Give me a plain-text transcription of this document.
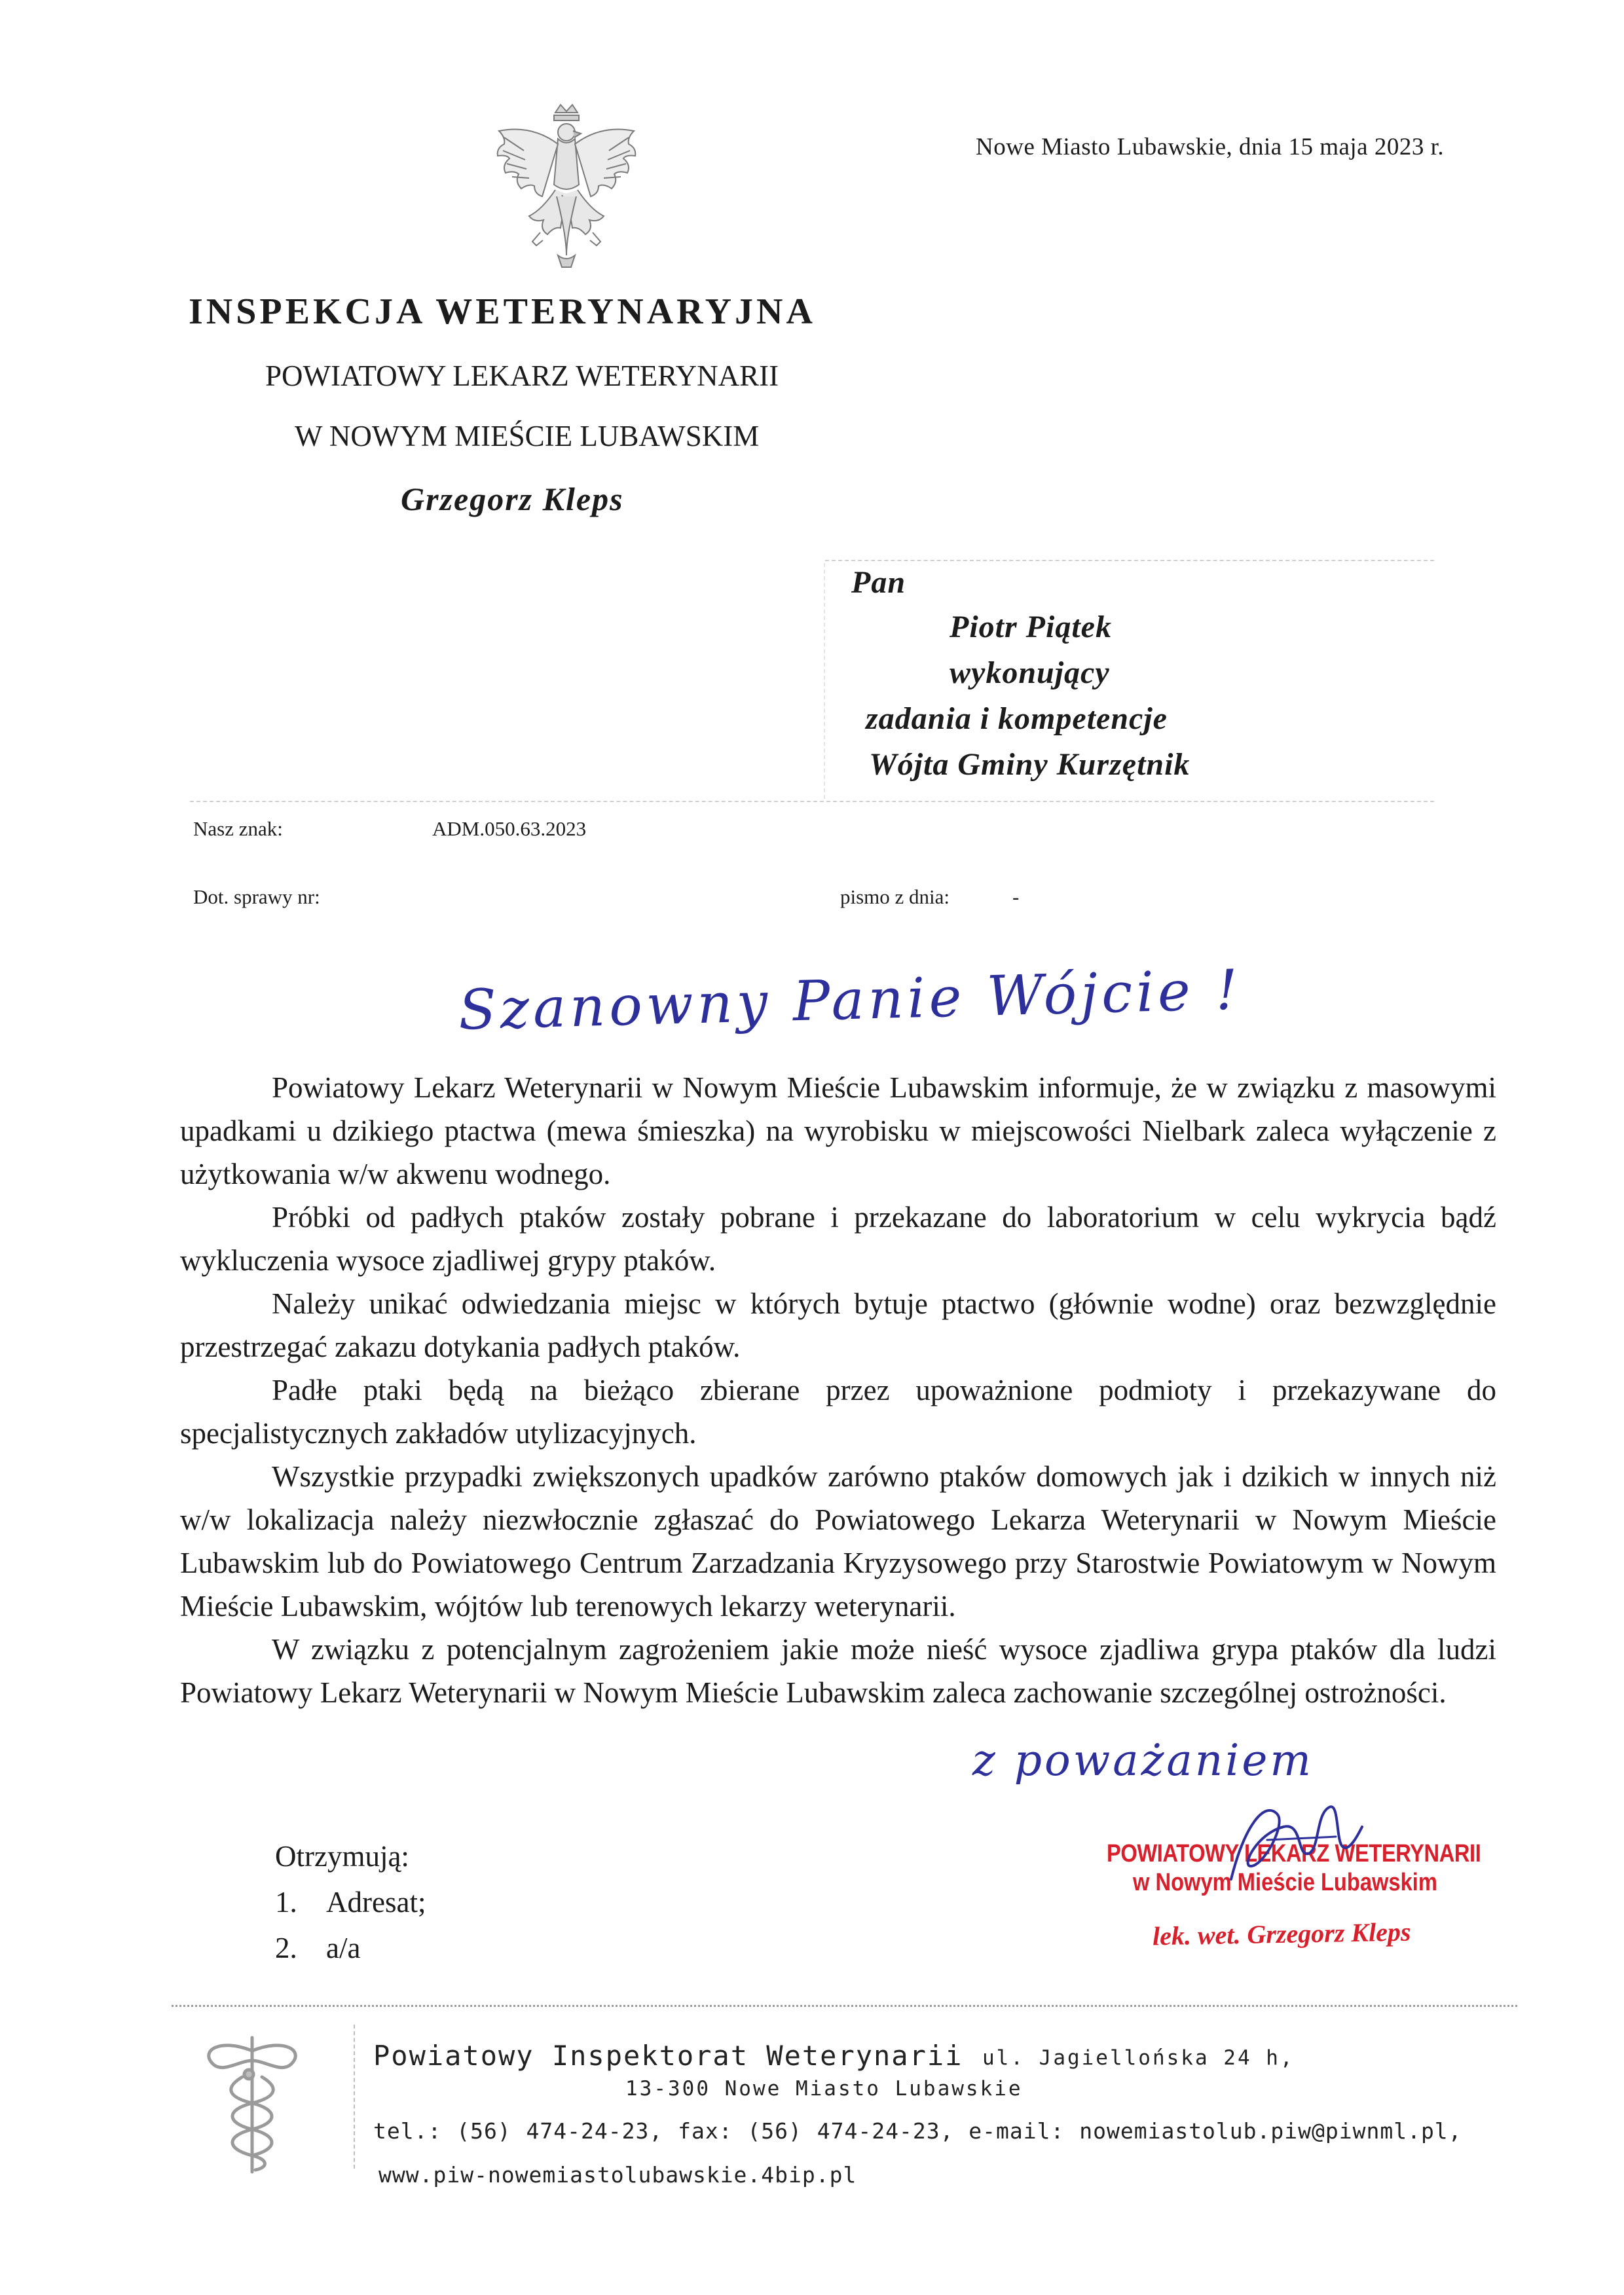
Nowe Miasto Lubawskie, dnia 15 maja 2023 r.
INSPEKCJA WETERYNARYJNA
POWIATOWY LEKARZ WETERYNARII
W NOWYM MIEŚCIE LUBAWSKIM
Grzegorz Kleps
Pan
Piotr Piątek
wykonujący
zadania i kompetencje
Wójta Gminy Kurzętnik
Nasz znak:	ADM.050.63.2023
Dot. sprawy nr:	pismo z dnia:	-
Szanowny Panie Wójcie !

Powiatowy Lekarz Weterynarii w Nowym Mieście Lubawskim informuje, że w związku z masowymi upadkami u dzikiego ptactwa (mewa śmieszka) na wyrobisku w miejscowości Nielbark zaleca wyłączenie z użytkowania w/w akwenu wodnego.

Próbki od padłych ptaków zostały pobrane i przekazane do laboratorium w celu wykrycia bądź wykluczenia wysoce zjadliwej grypy ptaków.

Należy unikać odwiedzania miejsc w których bytuje ptactwo (głównie wodne) oraz bezwzględnie przestrzegać zakazu dotykania padłych ptaków.

Padłe ptaki będą na bieżąco zbierane przez upoważnione podmioty i przekazywane do specjalistycznych zakładów utylizacyjnych.

Wszystkie przypadki zwiększonych upadków zarówno ptaków domowych jak i dzikich w innych niż w/w lokalizacja należy niezwłocznie zgłaszać do Powiatowego Lekarza Weterynarii w Nowym Mieście Lubawskim lub do Powiatowego Centrum Zarzadzania Kryzysowego przy Starostwie Powiatowym w Nowym Mieście Lubawskim, wójtów lub terenowych lekarzy weterynarii.

W związku z potencjalnym zagrożeniem jakie może nieść wysoce zjadliwa grypa ptaków dla ludzi Powiatowy Lekarz Weterynarii w Nowym Mieście Lubawskim zaleca zachowanie szczególnej ostrożności.

z poważaniem
Otrzymują:
1. Adresat;
2. a/a
POWIATOWY LEKARZ WETERYNARII
w Nowym Mieście Lubawskim
lek. wet. Grzegorz Kleps
Powiatowy Inspektorat Weterynarii ul. Jagiellońska 24 h,
13-300 Nowe Miasto Lubawskie
tel.: (56) 474-24-23, fax: (56) 474-24-23, e-mail: nowemiastolub.piw@piwnml.pl,
www.piw-nowemiastolubawskie.4bip.pl
